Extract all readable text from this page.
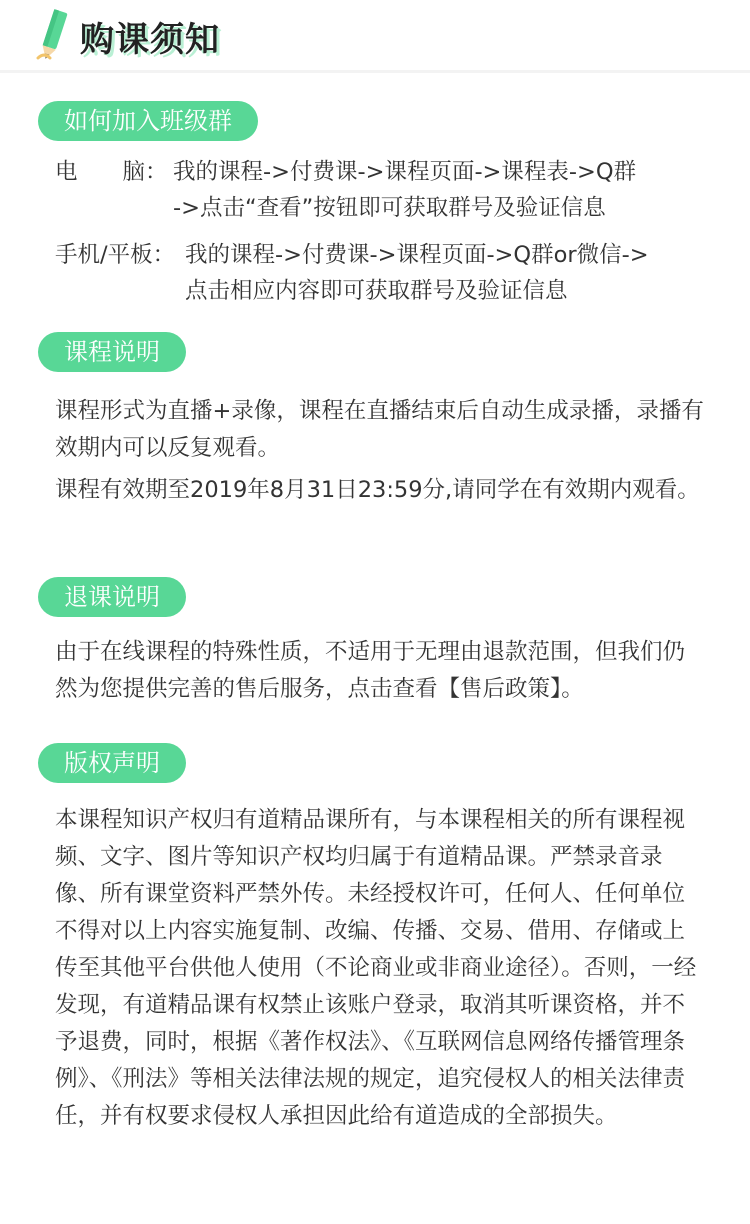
购课须知
如何加入班级群
电　　脑： 我的课程->付费课->课程页面->课程表->Q群
->点击“查看”按钮即可获取群号及验证信息
手机/平板： 我的课程->付费课->课程页面->Q群or微信->
点击相应内容即可获取群号及验证信息
课程说明
课程形式为直播+录像，课程在直播结束后自动生成录播，录播有效期内可以反复观看。
课程有效期至2019年8月31日23:59分,请同学在有效期内观看。
退课说明
由于在线课程的特殊性质，不适用于无理由退款范围，但我们仍然为您提供完善的售后服务，点击查看【售后政策】。
版权声明
本课程知识产权归有道精品课所有，与本课程相关的所有课程视频、文字、图片等知识产权均归属于有道精品课。严禁录音录像、所有课堂资料严禁外传。未经授权许可，任何人、任何单位不得对以上内容实施复制、改编、传播、交易、借用、存储或上传至其他平台供他人使用（不论商业或非商业途径）。否则，一经发现，有道精品课有权禁止该账户登录，取消其听课资格，并不予退费，同时，根据《著作权法》、《互联网信息网络传播管理条例》、《刑法》等相关法律法规的规定，追究侵权人的相关法律责任，并有权要求侵权人承担因此给有道造成的全部损失。
